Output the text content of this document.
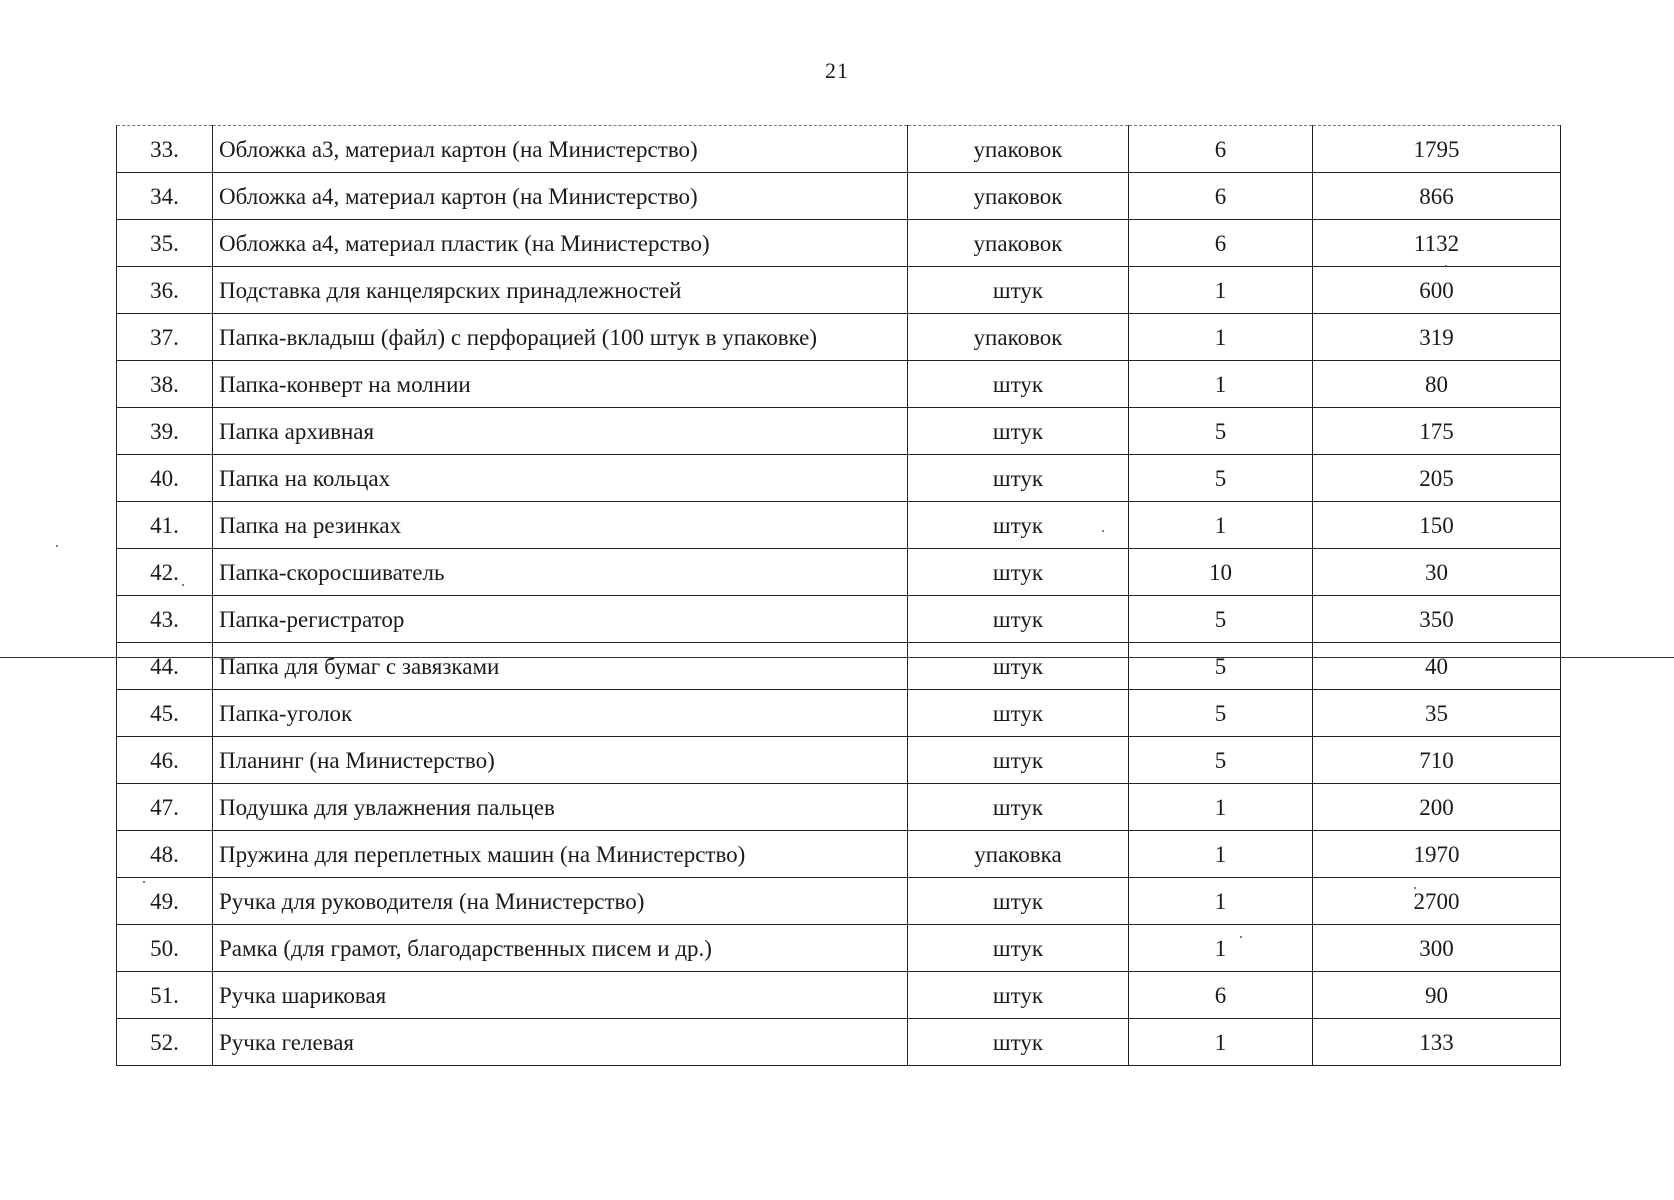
21
33.	Обложка а3, материал картон (на Министерство)	упаковок	6	1795
34.	Обложка а4, материал картон (на Министерство)	упаковок	6	866
35.	Обложка а4, материал пластик (на Министерство)	упаковок	6	1132
36.	Подставка для канцелярских принадлежностей	штук	1	600
37.	Папка-вкладыш (файл) с перфорацией (100 штук в упаковке)	упаковок	1	319
38.	Папка-конверт на молнии	штук	1	80
39.	Папка архивная	штук	5	175
40.	Папка на кольцах	штук	5	205
41.	Папка на резинках	штук	1	150
42.	Папка-скоросшиватель	штук	10	30
43.	Папка-регистратор	штук	5	350
44.	Папка для бумаг с завязками	штук	5	40
45.	Папка-уголок	штук	5	35
46.	Планинг (на Министерство)	штук	5	710
47.	Подушка для увлажнения пальцев	штук	1	200
48.	Пружина для переплетных машин (на Министерство)	упаковка	1	1970
49.	Ручка для руководителя (на Министерство)	штук	1	2700
50.	Рамка (для грамот, благодарственных писем и др.)	штук	1	300
51.	Ручка шариковая	штук	6	90
52.	Ручка гелевая	штук	1	133
